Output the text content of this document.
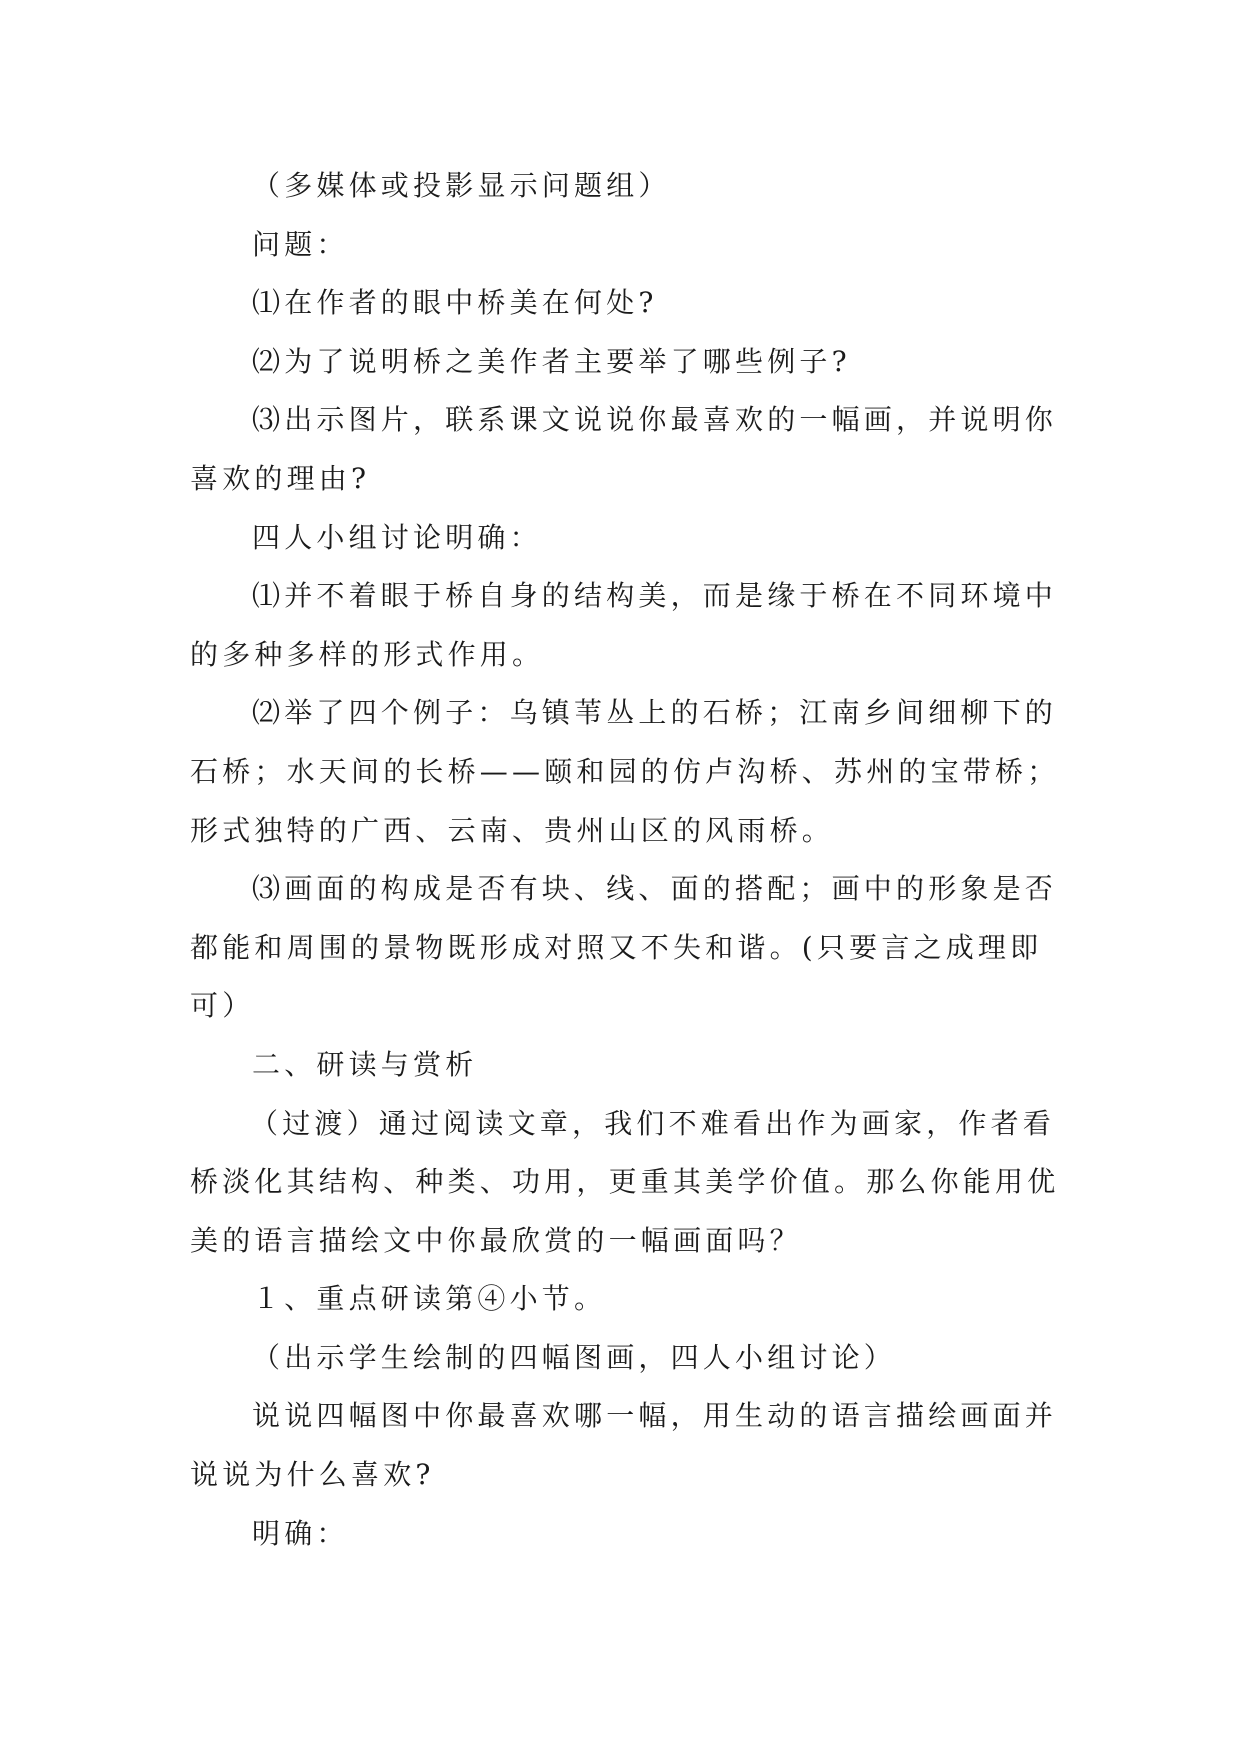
（多媒体或投影显示问题组）

问题：

⑴在作者的眼中桥美在何处?

⑵为了说明桥之美作者主要举了哪些例子?

⑶出示图片，联系课文说说你最喜欢的一幅画，并说明你喜欢的理由?

四人小组讨论明确：

⑴并不着眼于桥自身的结构美，而是缘于桥在不同环境中的多种多样的形式作用。

⑵举了四个例子：乌镇苇丛上的石桥；江南乡间细柳下的石桥；水天间的长桥——颐和园的仿卢沟桥、苏州的宝带桥；形式独特的广西、云南、贵州山区的风雨桥。

⑶画面的构成是否有块、线、面的搭配；画中的形象是否都能和周围的景物既形成对照又不失和谐。(只要言之成理即可）

二、研读与赏析

（过渡）通过阅读文章，我们不难看出作为画家，作者看桥淡化其结构、种类、功用，更重其美学价值。那么你能用优美的语言描绘文中你最欣赏的一幅画面吗？

１、重点研读第④小节。

（出示学生绘制的四幅图画，四人小组讨论）

说说四幅图中你最喜欢哪一幅，用生动的语言描绘画面并说说为什么喜欢?

明确：
